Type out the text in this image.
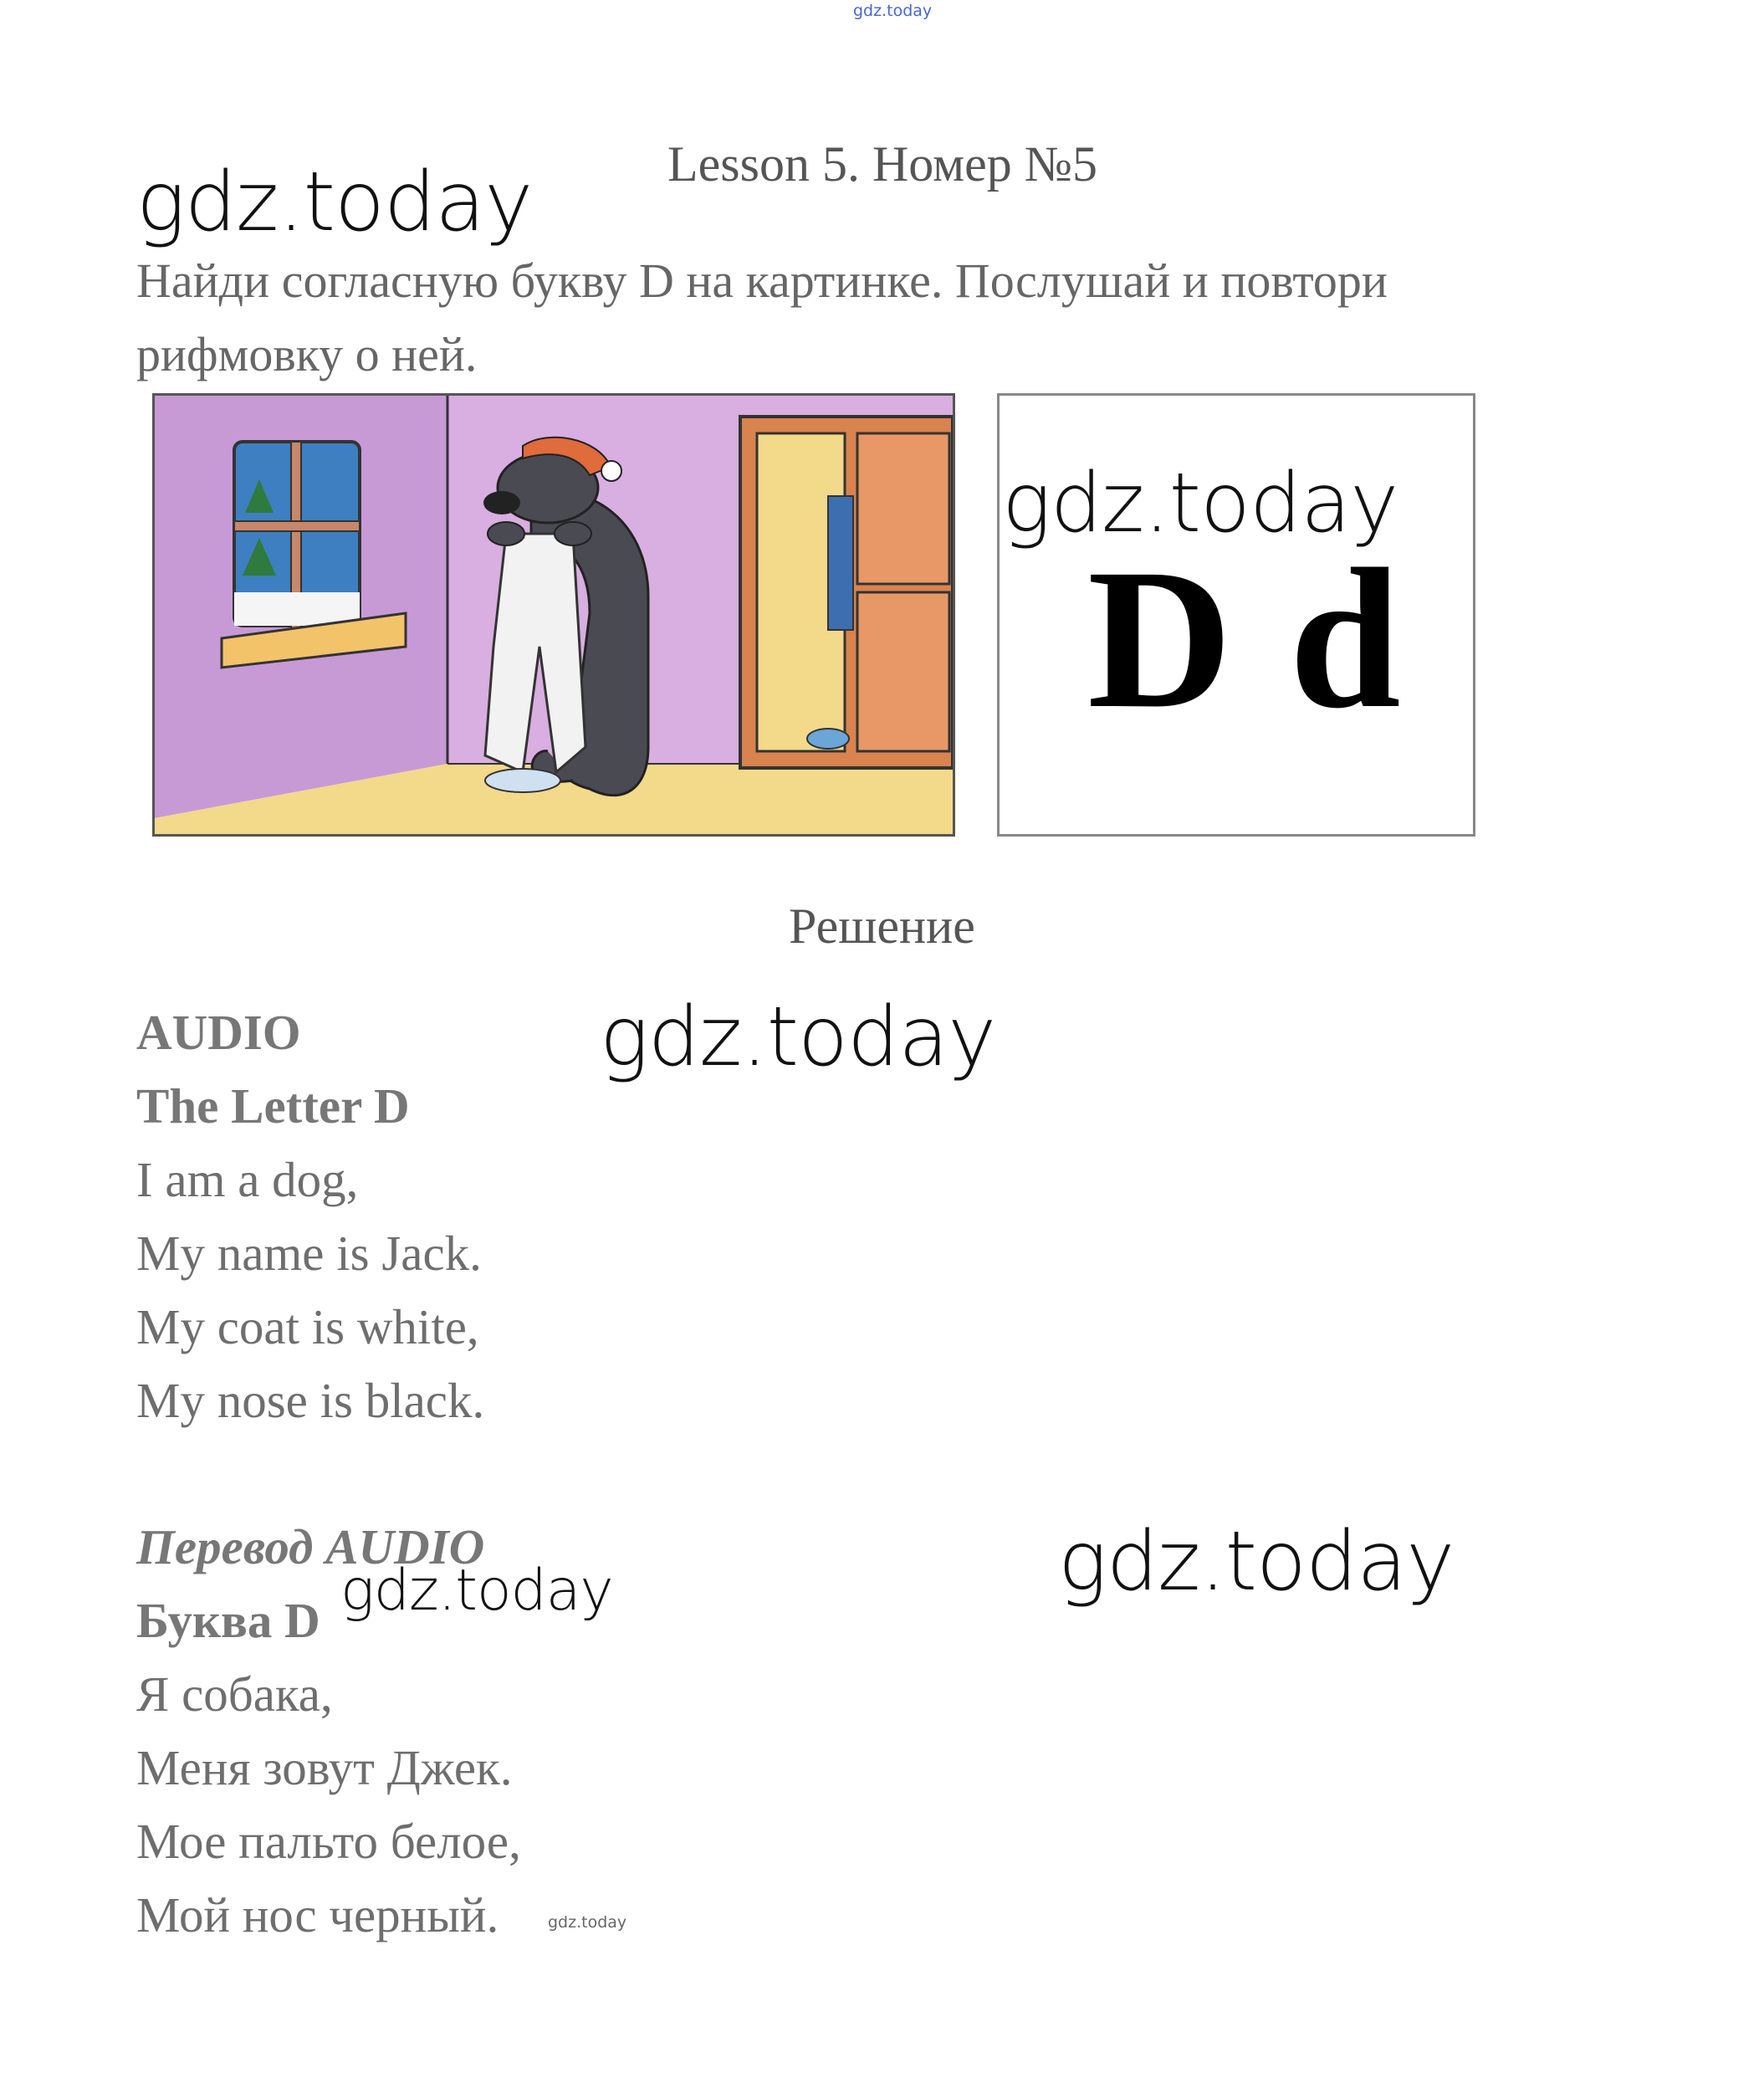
gdz.today
gdz.today	Lesson 5. Номер №5
Найди согласную букву D на картинке. Послушай и повтори рифмовку о ней.
D d
gdz.today
Решение
gdz.today
AUDIO
The Letter D
I am a dog,
My name is Jack.
My coat is white,
My nose is black.
Перевод AUDIO
Буква D
Я собака,
Меня зовут Джек.
Мое пальто белое,
Мой нос черный.
gdz.today
gdz.today
gdz.today
